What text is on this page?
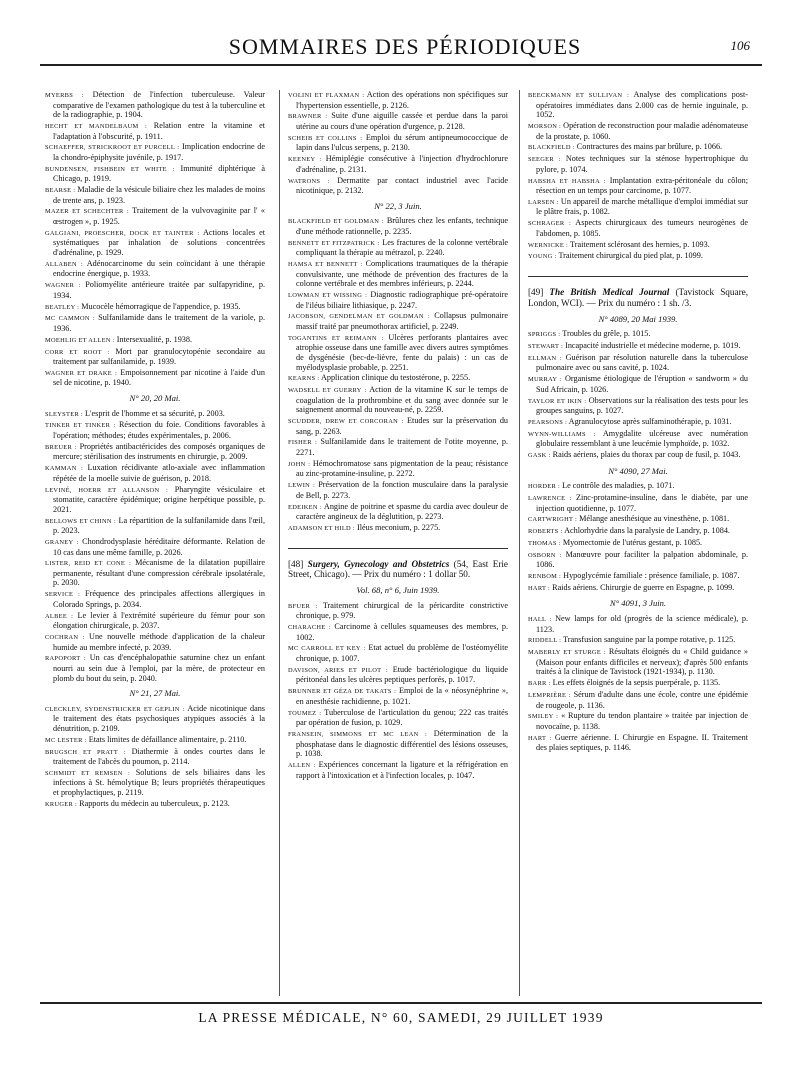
SOMMAIRES DES PÉRIODIQUES	106
MYERBS : Détection de l'infection tuberculeuse. Valeur comparative de l'examen pathologique du test à la tuberculine et de la radiographie, p. 1904.
HECHT ET MANDELBAUM : Relation entre la vitamine et l'adaptation à l'obscurité, p. 1911.
SCHAEFFER, STRICKROOT ET PURCELL : Implication endocrine de la chondro-épiphysite juvénile, p. 1917.
BUNDENSEN, FISHBEIN ET WHITE : Immunité diphtérique à Chicago, p. 1919.
BEARSE : Maladie de la vésicule biliaire chez les malades de moins de trente ans, p. 1923.
MAZER ET SCHECHTER : Traitement de la vulvovaginite par l' « œstrogen », p. 1925.
GALGIANI, PROESCHER, DOCK ET TAINTER : Actions locales et systématiques par inhalation de solutions concentrées d'adrénaline, p. 1929.
ALLABEN : Adénocarcinome du sein coïncidant à une thérapie endocrine énergique, p. 1933.
WAGNER : Poliomyélite antérieure traitée par sulfapyridine, p. 1934.
BEATLEY : Mucocèle hémorragique de l'appendice, p. 1935.
MC CAMMON : Sulfanilamide dans le traitement de la variole, p. 1936.
MOEHLIG ET ALLEN : Intersexualité, p. 1938.
CORR ET ROOT : Mort par granulocytopénie secondaire au traitement par sulfanilamide, p. 1939.
WAGNER ET DRAKE : Empoisonnement par nicotine à l'aide d'un sel de nicotine, p. 1940.
N° 20, 20 Mai.
SLEYSTER : L'esprit de l'homme et sa sécurité, p. 2003.
TINKER ET TINKER : Résection du foie. Conditions favorables à l'opération; méthodes; études expérimentales, p. 2006.
BREUER : Propriétés antibactéricides des composés organiques de mercure; stérilisation des instruments en chirurgie, p. 2009.
KAMMAN : Luxation récidivante atlo-axiale avec inflammation répétée de la moelle suivie de guérison, p. 2018.
LEVINÉ, HOERR ET ALLANSON : Pharyngite vésiculaire et stomatite, caractère épidémique; origine herpétique possible, p. 2021.
BELLOWS ET CHINN : La répartition de la sulfanilamide dans l'œil, p. 2023.
GRANEY : Chondrodysplasie héréditaire déformante. Relation de 10 cas dans une même famille, p. 2026.
LISTER, REID ET CONE : Mécanisme de la dilatation pupillaire permanente, résultant d'une compression cérébrale ipsolatérale, p. 2030.
SERVICE : Fréquence des principales affections allergiques in Colorado Springs, p. 2034.
ALBEE : Le levier à l'extrémité supérieure du fémur pour son élongation chirurgicale, p. 2037.
COCHRAN : Une nouvelle méthode d'application de la chaleur humide au membre infecté, p. 2039.
RAPOPORT : Un cas d'encéphalopathie saturnine chez un enfant nourri au sein due à l'emploi, par la mère, de protecteur en plomb du bout du sein, p. 2040.
N° 21, 27 Mai.
CLECKLEY, SYDENSTRICKER ET GEPLIN : Acide nicotinique dans le traitement des états psychosiques atypiques associés à la dénutrition, p. 2109.
MC LESTER : Etats limites de défaillance alimentaire, p. 2110.
BRUGSCH ET PRATT : Diathermie à ondes courtes dans le traitement de l'abcès du poumon, p. 2114.
SCHMIDT ET REMSEN : Solutions de sels biliaires dans les infections à St. hémolytique B; leurs propriétés thérapeutiques et prophylactiques, p. 2119.
KRUGER : Rapports du médecin au tuberculeux, p. 2123.
VOLINI ET FLAXMAN : Action des opérations non spécifiques sur l'hypertension essentielle, p. 2126.
BRAWNER : Suite d'une aiguille cassée et perdue dans la paroi utérine au cours d'une opération d'urgence, p. 2128.
SCHEIB ET COLLINS : Emploi du sérum antipneumococcique de lapin dans l'ulcus serpens, p. 2130.
KEENEY : Hémiplégie consécutive à l'injection d'hydrochlorure d'adrénaline, p. 2131.
WATRONS : Dermatite par contact industriel avec l'acide nicotinique, p. 2132.
N° 22, 3 Juin.
BLACKFIELD ET GOLDMAN : Brûlures chez les enfants, technique d'une méthode rationnelle, p. 2235.
BENNETT ET FITZPATRICK : Les fractures de la colonne vertébrale compliquant la thérapie au métrazol, p. 2240.
HAMSA ET BENNETT : Complications traumatiques de la thérapie convulsivante, une méthode de prévention des fractures de la colonne vertébrale et des membres inférieurs, p. 2244.
LOWMAN ET WISSING : Diagnostic radiographique pré-opératoire de l'iléus biliaire lithiasique, p. 2247.
JACOBSON, GENDELMAN ET GOLDMAN : Collapsus pulmonaire massif traité par pneumothorax artificiel, p. 2249.
TOGANTINS ET REIMANN : Ulcères perforants plantaires avec atrophie osseuse dans une famille avec divers autres symptômes de dysgénésie (bec-de-lièvre, fente du palais) : un cas de myélodysplasie probable, p. 2251.
KEARNS : Application clinique du testostérone, p. 2255.
WADSELL ET GUERRY : Action de la vitamine K sur le temps de coagulation de la prothrombine et du sang avec donnée sur le saignement anormal du nouveau-né, p. 2259.
SCUDDER, DREW ET CORCORAN : Etudes sur la préservation du sang, p. 2263.
FISHER : Sulfanilamide dans le traitement de l'otite moyenne, p. 2271.
JOHN : Hémochromatose sans pigmentation de la peau; résistance au zinc-protamine-insuline, p. 2272.
LEWIN : Préservation de la fonction musculaire dans la paralysie de Bell, p. 2273.
EDEIKEN : Angine de poitrine et spasme du cardia avec douleur de caractère angineux de la déglutition, p. 2273.
ADAMSON ET HILD : Iléus meconium, p. 2275.
[48] Surgery, Gynecology and Obstetrics (54, East Erie Street, Chicago). — Prix du numéro : 1 dollar 50.
Vol. 68, n° 6, Juin 1939.
BFUER : Traitement chirurgical de la péricardite constrictive chronique, p. 979.
CHARACHE : Carcinome à cellules squameuses des membres, p. 1002.
MC CARROLL ET KEY : Etat actuel du problème de l'ostéomyélite chronique, p. 1007.
DAVISON, ARIES ET PILOT : Etude bactériologique du liquide péritonéal dans les ulcères peptiques perforés, p. 1017.
BRUNNER ET GÉZA DE TAKATS : Emploi de la « néosynéphrine », en anesthésie rachidienne, p. 1021.
TOUMEZ : Tuberculose de l'articulation du genou; 222 cas traités par opération de fusion, p. 1029.
FRANSEIN, SIMMONS ET MC LEAN : Détermination de la phosphatase dans le diagnostic différentiel des lésions osseuses, p. 1038.
ALLEN : Expériences concernant la ligature et la réfrigération en rapport à l'intoxication et à l'infection locales, p. 1047.
BEECKMANN ET SULLIVAN : Analyse des complications post-opératoires immédiates dans 2.000 cas de hernie inguinale, p. 1052.
MORSON : Opération de reconstruction pour maladie adénomateuse de la prostate, p. 1060.
BLACKFIELD : Contractures des mains par brûlure, p. 1066.
SEEGER : Notes techniques sur la sténose hypertrophique du pylore, p. 1074.
HABSHA ET HABSHA : Implantation extra-péritonéale du côlon; résection en un temps pour carcinome, p. 1077.
LARSEN : Un appareil de marche métallique d'emploi immédiat sur le plâtre frais, p. 1082.
SCHRAGER : Aspects chirurgicaux des tumeurs neurogènes de l'abdomen, p. 1085.
WERNICKE : Traitement sclérosant des hernies, p. 1093.
YOUNG : Traitement chirurgical du pied plat, p. 1099.
[49] The British Medical Journal (Tavistock Square, London, WCI). — Prix du numéro : 1 sh. /3.
N° 4089, 20 Mai 1939.
SPRIGGS : Troubles du grêle, p. 1015.
STEWART : Incapacité industrielle et médecine moderne, p. 1019.
ELLMAN : Guérison par résolution naturelle dans la tuberculose pulmonaire avec ou sans cavité, p. 1024.
MURRAY : Organisme étiologique de l'éruption « sandworm » du Sud Africain, p. 1026.
TAYLOR ET IKIN : Observations sur la réalisation des tests pour les groupes sanguins, p. 1027.
PEARSONS : Agranulocytose après sulfaminothérapie, p. 1031.
WYNN-WILLIAMS : Amygdalite ulcéreuse avec numération globulaire ressemblant à une leucémie lymphoïde, p. 1032.
GASK : Raids aériens, plaies du thorax par coup de fusil, p. 1043.
N° 4090, 27 Mai.
HORDER : Le contrôle des maladies, p. 1071.
LAWRENCE : Zinc-protamine-insuline, dans le diabète, par une injection quotidienne, p. 1077.
CARTWRIGHT : Mélange anesthésique au vinesthène, p. 1081.
ROBERTS : Achlorhydrie dans la paralysie de Landry, p. 1084.
THOMAS : Myomectomie de l'utérus gestant, p. 1085.
OSBORN : Manœuvre pour faciliter la palpation abdominale, p. 1086.
RENBOM : Hypoglycémie familiale : présence familiale, p. 1087.
HART : Raids aériens. Chirurgie de guerre en Espagne, p. 1099.
N° 4091, 3 Juin.
HALL : New lamps for old (progrès de la science médicale), p. 1123.
RIDDELL : Transfusion sanguine par la pompe rotative, p. 1125.
MABERLY ET STURGE : Résultats éloignés du « Child guidance » (Maison pour enfants difficiles et nerveux); d'après 500 enfants traités à la clinique de Tavistock (1921-1934), p. 1130.
BARR : Les effets éloignés de la sepsis puerpérale, p. 1135.
LEMPRIÈRE : Sérum d'adulte dans une école, contre une épidémie de rougeole, p. 1136.
SMILEY : « Rupture du tendon plantaire » traitée par injection de novocaïne, p. 1138.
HART : Guerre aérienne. I. Chirurgie en Espagne. II. Traitement des plaies septiques, p. 1146.
LA PRESSE MÉDICALE, N° 60, SAMEDI, 29 JUILLET 1939
